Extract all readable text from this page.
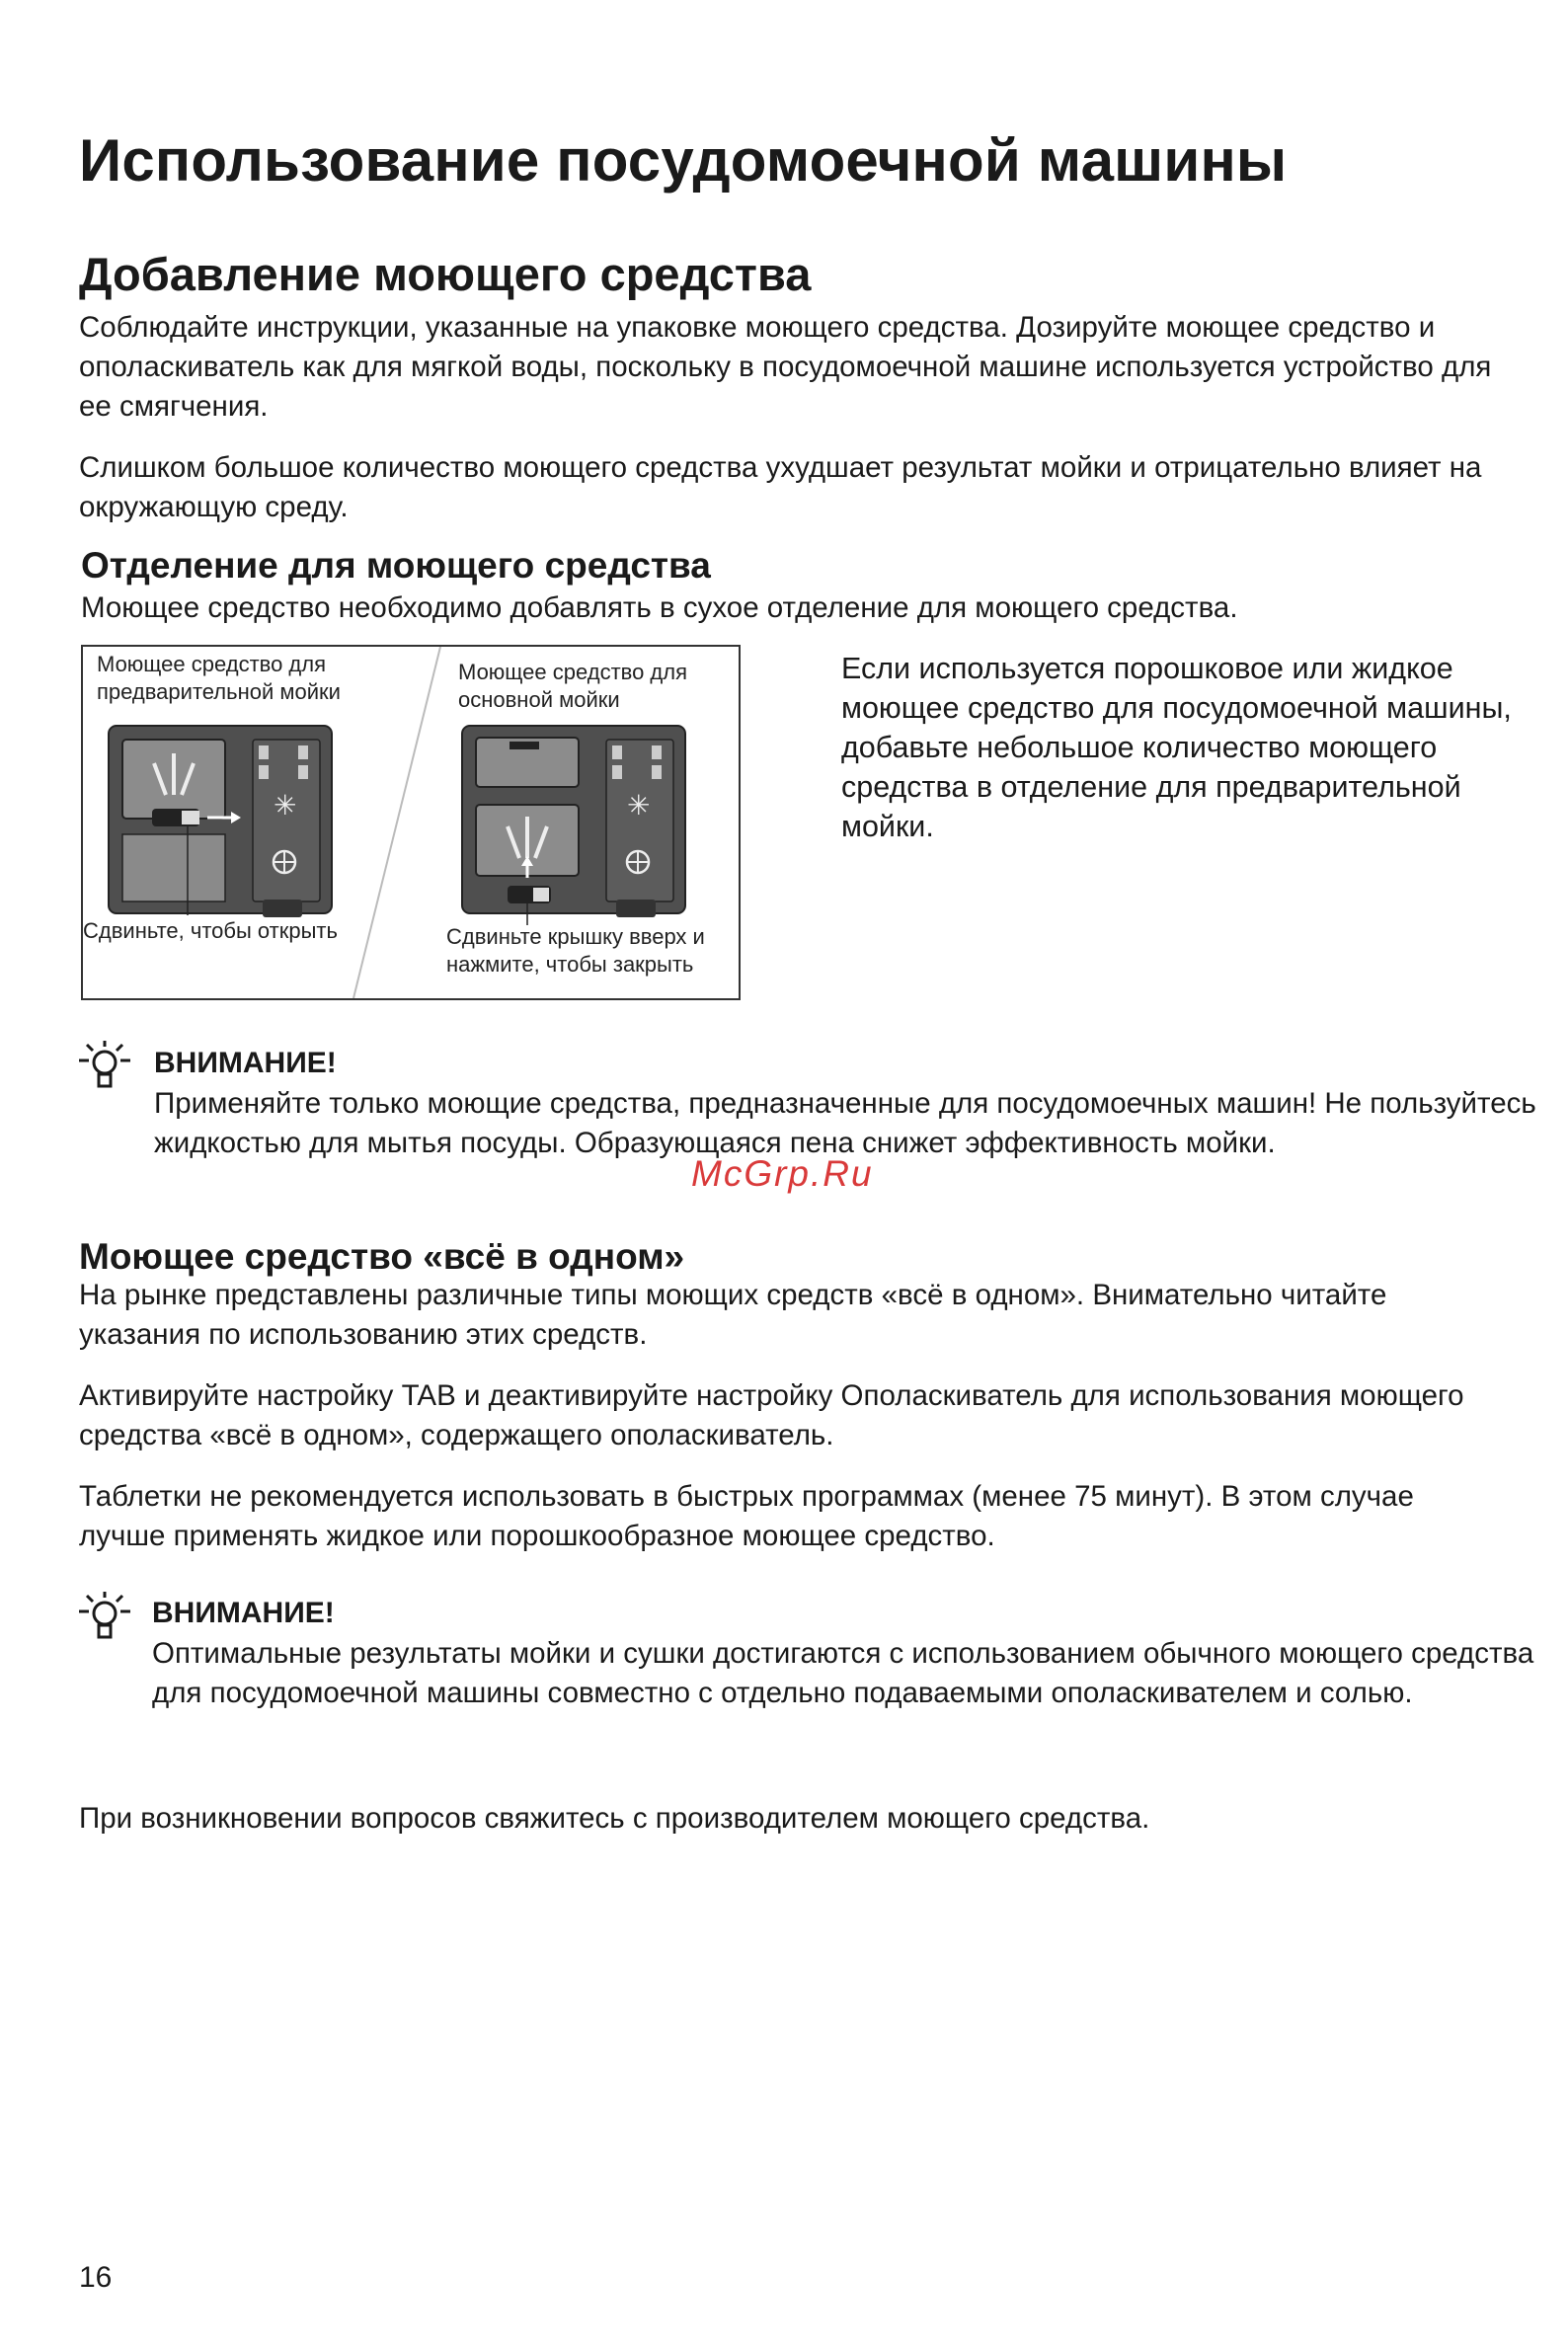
Использование посудомоечной машины
Добавление моющего средства

Соблюдайте инструкции, указанные на упаковке моющего средства. Дозируйте моющее средство и ополаскиватель как для мягкой воды, поскольку в посудомоечной машине используется устройство для ее смягчения.

Слишком большое количество моющего средства ухудшает результат мойки и отрицательно влияет на окружающую среду.

Отделение для моющего средства

Моющее средство необходимо добавлять в сухое отделение для моющего средства.

Моющее средство для предварительной мойки
Моющее средство для основной мойки
Сдвиньте, чтобы открыть	Сдвиньте крышку вверх и нажмите, чтобы закрыть
✳	✳

Если используется порошковое или жидкое моющее средство для посудомоечной машины, добавьте небольшое количество моющего средства в отделение для предварительной мойки.

ВНИМАНИЕ!

Применяйте только моющие средства, предназначенные для посудомоечных машин! Не пользуйтесь жидкостью для мытья посуды. Образующаяся пена снижет эффективность мойки.

McGrp.Ru
Моющее средство «всё в одном»

На рынке представлены различные типы моющих средств «всё в одном». Внимательно читайте указания по использованию этих средств.

Активируйте настройку TAB и деактивируйте настройку Ополаскиватель для использования моющего средства «всё в одном», содержащего ополаскиватель.

Таблетки не рекомендуется использовать в быстрых программах (менее 75 минут). В этом случае лучше применять жидкое или порошкообразное моющее средство.

ВНИМАНИЕ!

Оптимальные результаты мойки и сушки достигаются с использованием обычного моющего средства для посудомоечной машины совместно с отдельно подаваемыми ополаскивателем и солью.

При возникновении вопросов свяжитесь с производителем моющего средства.

16
